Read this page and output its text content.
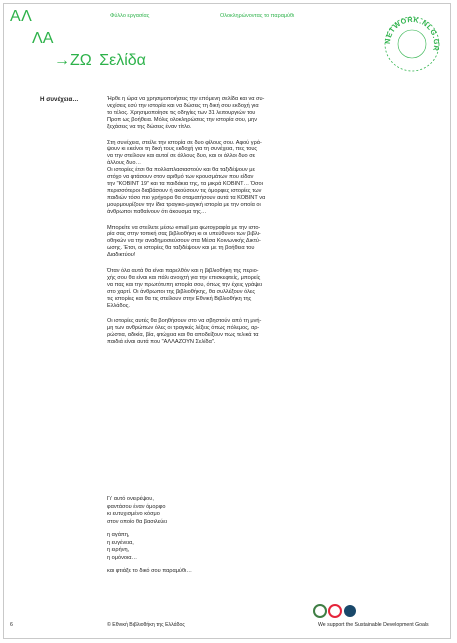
ΑΛ
ΛΑ
→ΖΩ Σελίδα
Φύλλο εργασίας	Ολοκληρώνοντας το παραμύθι
NETWORK.NLG.GR
Η συνέχεια…	Ήρθε η ώρα να χρησιμοποιήσεις την επόμενη σελίδα και να συ-
νεχίσεις εσύ την ιστορία και να δώσεις τη δική σου εκδοχή για
το τέλος. Χρησιμοποίησε τις οδηγίες των 31 λειτουργιών του
Προπ ως βοήθεια. Μόλις ολοκληρώσεις την ιστορία σου, μην
ξεχάσεις να της δώσεις έναν τίτλο.

Στη συνέχεια, στείλε την ιστορία σε δυο φίλους σου. Αφού γρά-
ψουν κι εκείνοι τη δική τους εκδοχή για τη συνέχεια, πες τους
να την στείλουν και αυτοί σε άλλους δυο, και οι άλλοι δυο σε
άλλους δυο…
Οι ιστορίες έτσι θα πολλαπλασιαστούν και θα ταξιδέψουν με
στόχο να φτάσουν στον αριθμό των κρουσμάτων που είδαν
την "ΚΟΒΙΝΤ 19" και τα παιδάκια της, τα μικρά ΚΟΒΙΝΤ… Όσοι
περισσότεροι διαβάσουν ή ακούσουν τις όμορφες ιστορίες των
παιδιών τόσο πιο γρήγορα θα σταματήσουν αυτά τα ΚΟΒΙΝΤ να
μουρμουρίζουν την ίδια τραγικο-μαγική ιστορία με την οποία οι
άνθρωποι παθαίνουν ότι άκουσμα της…

Μπορείτε να στείλετε μέσω email μια φωτογραφία με την ιστο-
ρία σας στην τοπική σας βιβλιοθήκη κι οι υπεύθυνοι των βιβλι-
οθηκών να την αναδημοσιεύσουν στα Μέσα Κοινωνικής Δικτύ-
ωσης. Έτσι, οι ιστορίες θα ταξιδέψουν και με τη βοήθεια του
Διαδικτύου!

Όταν όλα αυτά θα είναι παρελθόν και η βιβλιοθήκη της περιο-
χής σου θα είναι και πάλι ανοιχτή για την επισκεφτείς, μπορείς
να πας και την πρωτότυπη ιστορία σου, όπως την έχεις γράψει
στο χαρτί. Οι άνθρωποι της βιβλιοθήκης, θα συλλέξουν όλες
τις ιστορίες και θα τις στείλουν στην Εθνική Βιβλιοθήκη της
Ελλάδος.

Οι ιστορίες αυτές θα βοηθήσουν στο να σβηστούν από τη μνή-
μη των ανθρώπων όλες οι τραγικές λέξεις όπως πόλεμος, αρ-
ρώστια, αδικία, βία, φτώχεια και θα αποδείξουν πως τελικά τα
παιδιά είναι αυτά που "ΑΛΛΑΖΟΥΝ Σελίδα".

Γι' αυτό ονειρέψου,
φαντάσου έναν όμορφο
κι ευτυχισμένο κόσμο
στον οποίο θα βασιλεύει
η αγάπη,
η ευγένεια,
η ειρήνη,
η ομόνοια…
και φτιάξε το δικό σου παραμύθι…
6	© Εθνική Βιβλιοθήκη της Ελλάδος	We support the Sustainable Development Goals
